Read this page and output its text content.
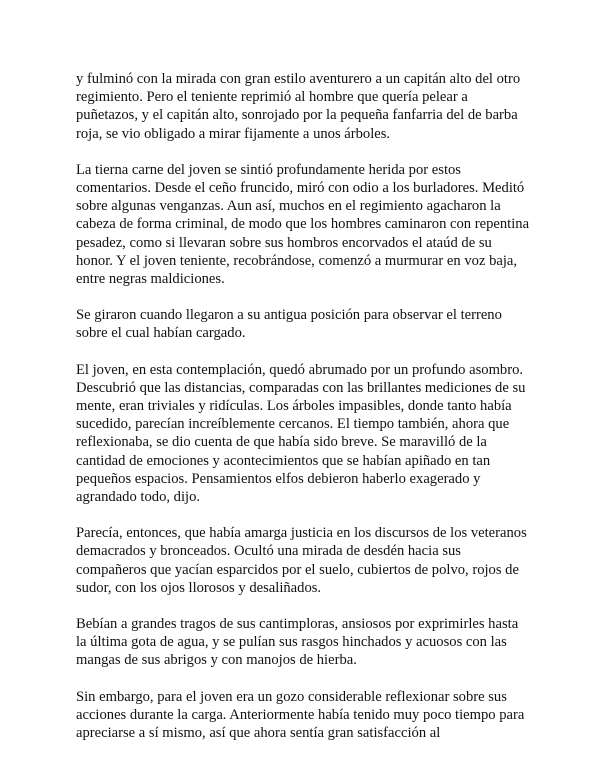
y fulminó con la mirada con gran estilo aventurero a un capitán alto del otro regimiento. Pero el teniente reprimió al hombre que quería pelear a puñetazos, y el capitán alto, sonrojado por la pequeña fanfarria del de barba roja, se vio obligado a mirar fijamente a unos árboles.

La tierna carne del joven se sintió profundamente herida por estos comentarios. Desde el ceño fruncido, miró con odio a los burladores. Meditó sobre algunas venganzas. Aun así, muchos en el regimiento agacharon la cabeza de forma criminal, de modo que los hombres caminaron con repentina pesadez, como si llevaran sobre sus hombros encorvados el ataúd de su honor. Y el joven teniente, recobrándose, comenzó a murmurar en voz baja, entre negras maldiciones.

Se giraron cuando llegaron a su antigua posición para observar el terreno sobre el cual habían cargado.

El joven, en esta contemplación, quedó abrumado por un profundo asombro. Descubrió que las distancias, comparadas con las brillantes mediciones de su mente, eran triviales y ridículas. Los árboles impasibles, donde tanto había sucedido, parecían increíblemente cercanos. El tiempo también, ahora que reflexionaba, se dio cuenta de que había sido breve. Se maravilló de la cantidad de emociones y acontecimientos que se habían apiñado en tan pequeños espacios. Pensamientos elfos debieron haberlo exagerado y agrandado todo, dijo.

Parecía, entonces, que había amarga justicia en los discursos de los veteranos demacrados y bronceados. Ocultó una mirada de desdén hacia sus compañeros que yacían esparcidos por el suelo, cubiertos de polvo, rojos de sudor, con los ojos llorosos y desaliñados.

Bebían a grandes tragos de sus cantimploras, ansiosos por exprimirles hasta la última gota de agua, y se pulían sus rasgos hinchados y acuosos con las mangas de sus abrigos y con manojos de hierba.

Sin embargo, para el joven era un gozo considerable reflexionar sobre sus acciones durante la carga. Anteriormente había tenido muy poco tiempo para apreciarse a sí mismo, así que ahora sentía gran satisfacción al
